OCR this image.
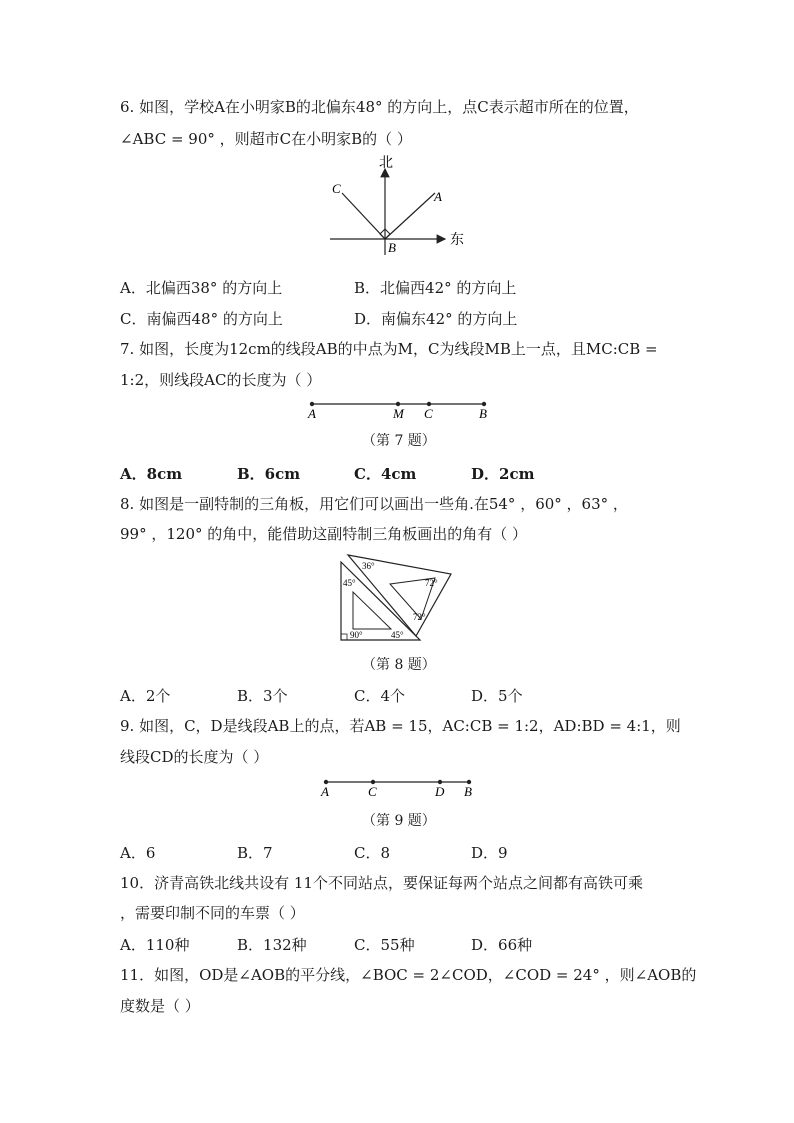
6. 如图，学校A在小明家B的北偏东48° 的方向上，点C表示超市所在的位置，
∠ABC = 90° ，则超市C在小明家B的（ ）
北
东
A
B
C
A．北偏西38° 的方向上	B．北偏西42° 的方向上
C．南偏西48° 的方向上	D．南偏东42° 的方向上
7. 如图，长度为12cm的线段AB的中点为M，C为线段MB上一点，且MC:CB =
1:2，则线段AC的长度为（ ）
A	M C	B
（第 7 题）
A．8cm	B．6cm	C．4cm	D．2cm
8. 如图是一副特制的三角板，用它们可以画出一些角.在54° ，60° ，63° ，
99° ，120° 的角中，能借助这副特制三角板画出的角有（ ）
36°
72°
72°
45°
90°	45°
（第 8 题）
A．2个	B．3个	C．4个	D．5个
9. 如图，C，D是线段AB上的点，若AB = 15，AC:CB = 1:2，AD:BD = 4:1，则
线段CD的长度为（ ）
A	C	D B
（第 9 题）
A．6	B．7	C．8	D．9
10．济青高铁北线共设有 11个不同站点，要保证每两个站点之间都有高铁可乘
，需要印制不同的车票（ ）
A．110种	B．132种	C．55种	D．66种
11．如图，OD是∠AOB的平分线，∠BOC = 2∠COD，∠COD = 24° ，则∠AOB的
度数是（ ）
